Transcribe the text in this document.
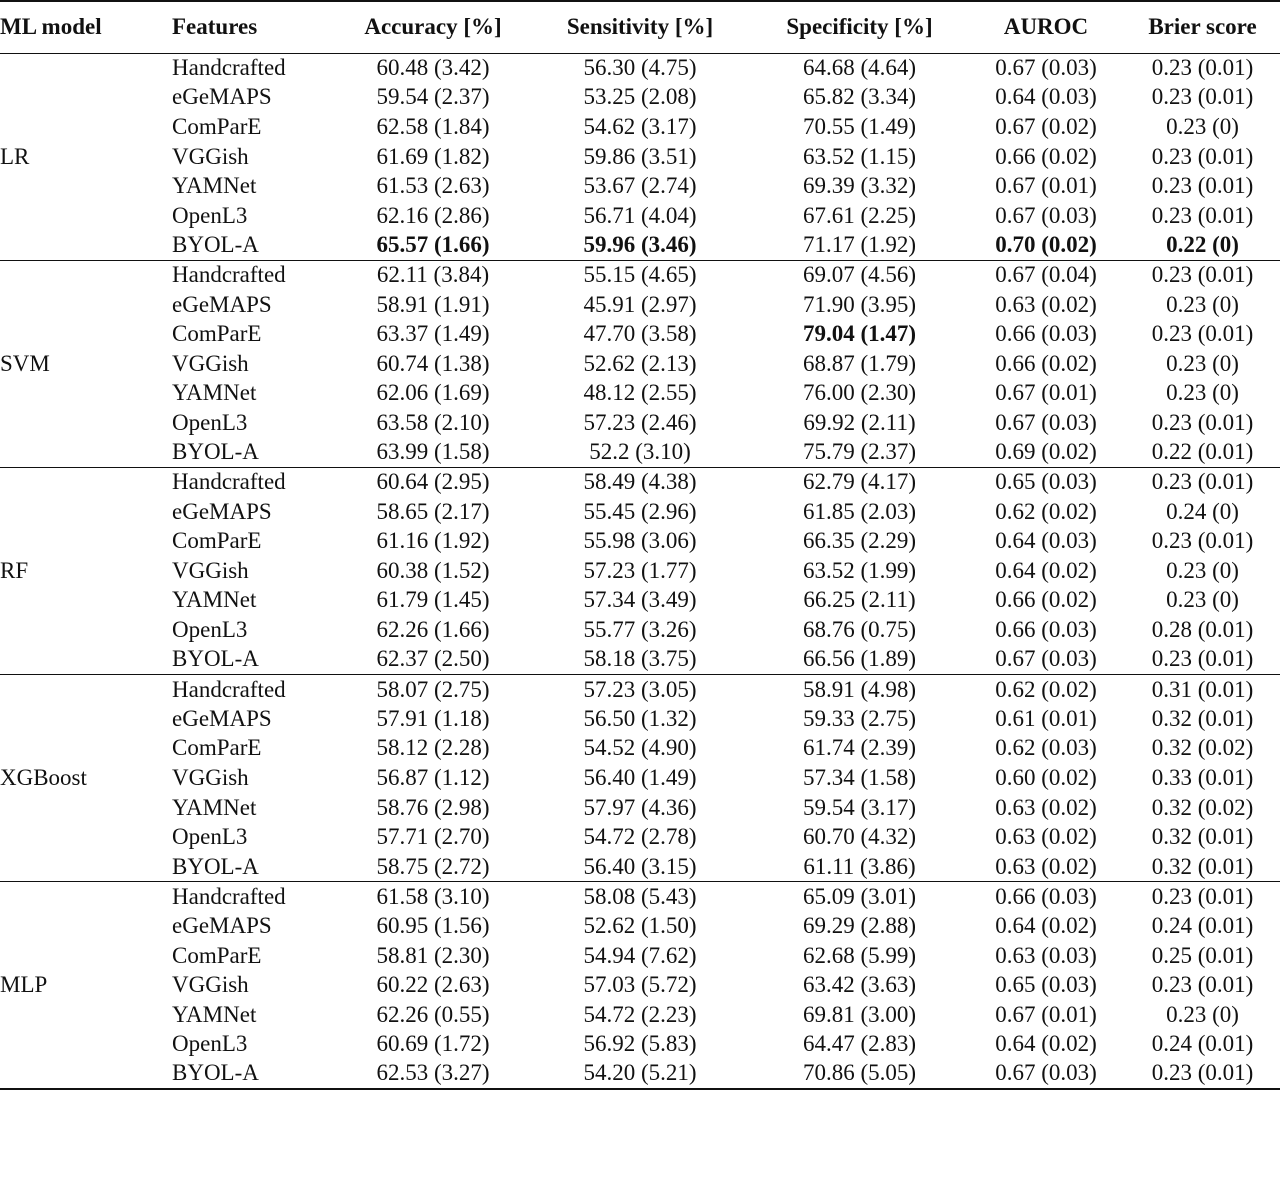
ML model	Features	Accuracy [%]	Sensitivity [%]	Specificity [%]	AUROC	Brier score
LR	Handcrafted	60.48 (3.42)	56.30 (4.75)	64.68 (4.64)	0.67 (0.03)	0.23 (0.01)
	eGeMAPS	59.54 (2.37)	53.25 (2.08)	65.82 (3.34)	0.64 (0.03)	0.23 (0.01)
	ComParE	62.58 (1.84)	54.62 (3.17)	70.55 (1.49)	0.67 (0.02)	0.23 (0)
	VGGish	61.69 (1.82)	59.86 (3.51)	63.52 (1.15)	0.66 (0.02)	0.23 (0.01)
	YAMNet	61.53 (2.63)	53.67 (2.74)	69.39 (3.32)	0.67 (0.01)	0.23 (0.01)
	OpenL3	62.16 (2.86)	56.71 (4.04)	67.61 (2.25)	0.67 (0.03)	0.23 (0.01)
	BYOL-A	65.57 (1.66)	59.96 (3.46)	71.17 (1.92)	0.70 (0.02)	0.22 (0)
SVM	Handcrafted	62.11 (3.84)	55.15 (4.65)	69.07 (4.56)	0.67 (0.04)	0.23 (0.01)
	eGeMAPS	58.91 (1.91)	45.91 (2.97)	71.90 (3.95)	0.63 (0.02)	0.23 (0)
	ComParE	63.37 (1.49)	47.70 (3.58)	79.04 (1.47)	0.66 (0.03)	0.23 (0.01)
	VGGish	60.74 (1.38)	52.62 (2.13)	68.87 (1.79)	0.66 (0.02)	0.23 (0)
	YAMNet	62.06 (1.69)	48.12 (2.55)	76.00 (2.30)	0.67 (0.01)	0.23 (0)
	OpenL3	63.58 (2.10)	57.23 (2.46)	69.92 (2.11)	0.67 (0.03)	0.23 (0.01)
	BYOL-A	63.99 (1.58)	52.2 (3.10)	75.79 (2.37)	0.69 (0.02)	0.22 (0.01)
RF	Handcrafted	60.64 (2.95)	58.49 (4.38)	62.79 (4.17)	0.65 (0.03)	0.23 (0.01)
	eGeMAPS	58.65 (2.17)	55.45 (2.96)	61.85 (2.03)	0.62 (0.02)	0.24 (0)
	ComParE	61.16 (1.92)	55.98 (3.06)	66.35 (2.29)	0.64 (0.03)	0.23 (0.01)
	VGGish	60.38 (1.52)	57.23 (1.77)	63.52 (1.99)	0.64 (0.02)	0.23 (0)
	YAMNet	61.79 (1.45)	57.34 (3.49)	66.25 (2.11)	0.66 (0.02)	0.23 (0)
	OpenL3	62.26 (1.66)	55.77 (3.26)	68.76 (0.75)	0.66 (0.03)	0.28 (0.01)
	BYOL-A	62.37 (2.50)	58.18 (3.75)	66.56 (1.89)	0.67 (0.03)	0.23 (0.01)
XGBoost	Handcrafted	58.07 (2.75)	57.23 (3.05)	58.91 (4.98)	0.62 (0.02)	0.31 (0.01)
	eGeMAPS	57.91 (1.18)	56.50 (1.32)	59.33 (2.75)	0.61 (0.01)	0.32 (0.01)
	ComParE	58.12 (2.28)	54.52 (4.90)	61.74 (2.39)	0.62 (0.03)	0.32 (0.02)
	VGGish	56.87 (1.12)	56.40 (1.49)	57.34 (1.58)	0.60 (0.02)	0.33 (0.01)
	YAMNet	58.76 (2.98)	57.97 (4.36)	59.54 (3.17)	0.63 (0.02)	0.32 (0.02)
	OpenL3	57.71 (2.70)	54.72 (2.78)	60.70 (4.32)	0.63 (0.02)	0.32 (0.01)
	BYOL-A	58.75 (2.72)	56.40 (3.15)	61.11 (3.86)	0.63 (0.02)	0.32 (0.01)
MLP	Handcrafted	61.58 (3.10)	58.08 (5.43)	65.09 (3.01)	0.66 (0.03)	0.23 (0.01)
	eGeMAPS	60.95 (1.56)	52.62 (1.50)	69.29 (2.88)	0.64 (0.02)	0.24 (0.01)
	ComParE	58.81 (2.30)	54.94 (7.62)	62.68 (5.99)	0.63 (0.03)	0.25 (0.01)
	VGGish	60.22 (2.63)	57.03 (5.72)	63.42 (3.63)	0.65 (0.03)	0.23 (0.01)
	YAMNet	62.26 (0.55)	54.72 (2.23)	69.81 (3.00)	0.67 (0.01)	0.23 (0)
	OpenL3	60.69 (1.72)	56.92 (5.83)	64.47 (2.83)	0.64 (0.02)	0.24 (0.01)
	BYOL-A	62.53 (3.27)	54.20 (5.21)	70.86 (5.05)	0.67 (0.03)	0.23 (0.01)
